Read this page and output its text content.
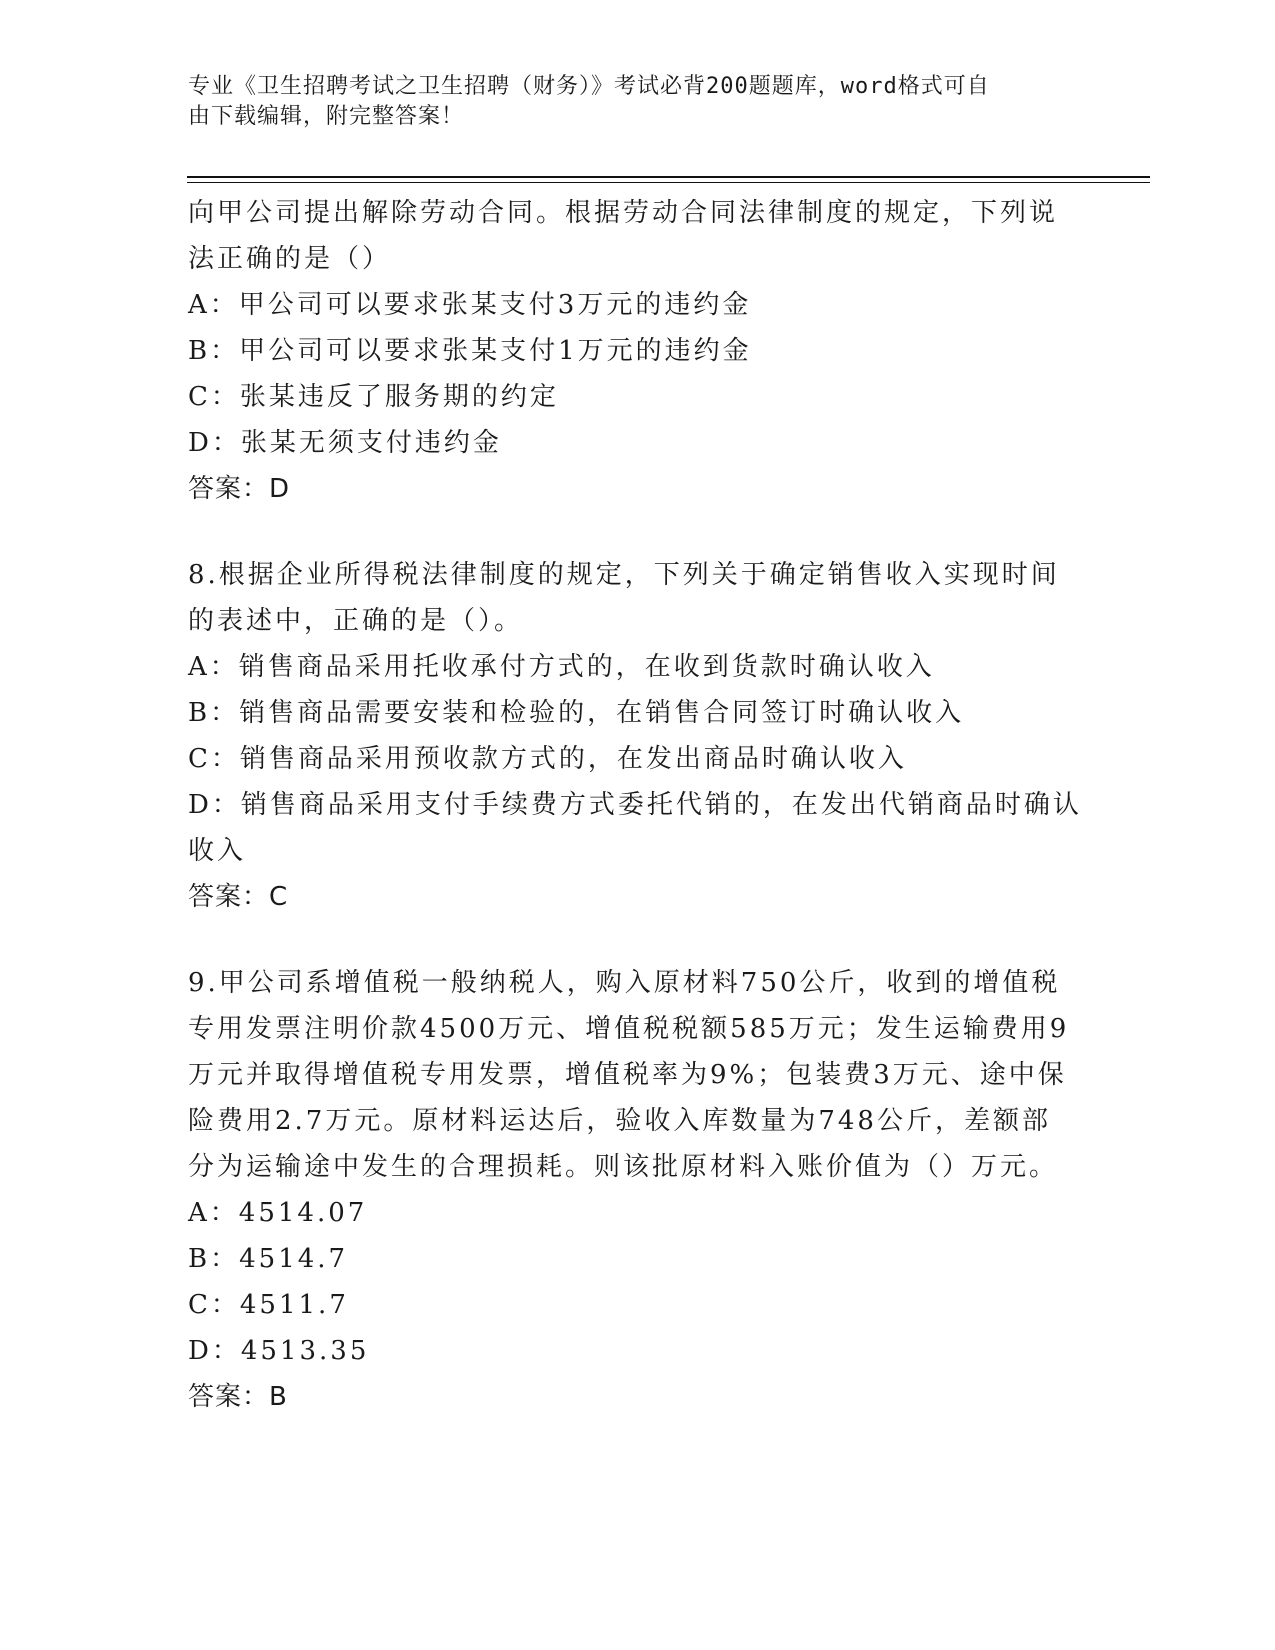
专业《卫生招聘考试之卫生招聘（财务）》考试必背200题题库，word格式可自
由下载编辑，附完整答案！
向甲公司提出解除劳动合同。根据劳动合同法律制度的规定，下列说
法正确的是（）
A：甲公司可以要求张某支付3万元的违约金
B：甲公司可以要求张某支付1万元的违约金
C：张某违反了服务期的约定
D：张某无须支付违约金
答案：D
8.根据企业所得税法律制度的规定，下列关于确定销售收入实现时间
的表述中，正确的是（）。
A：销售商品采用托收承付方式的，在收到货款时确认收入
B：销售商品需要安装和检验的，在销售合同签订时确认收入
C：销售商品采用预收款方式的，在发出商品时确认收入
D：销售商品采用支付手续费方式委托代销的，在发出代销商品时确认
收入
答案：C
9.甲公司系增值税一般纳税人，购入原材料750公斤，收到的增值税
专用发票注明价款4500万元、增值税税额585万元；发生运输费用9
万元并取得增值税专用发票，增值税率为9%；包装费3万元、途中保
险费用2.7万元。原材料运达后，验收入库数量为748公斤，差额部
分为运输途中发生的合理损耗。则该批原材料入账价值为（）万元。
A：4514.07
B：4514.7
C：4511.7
D：4513.35
答案：B
